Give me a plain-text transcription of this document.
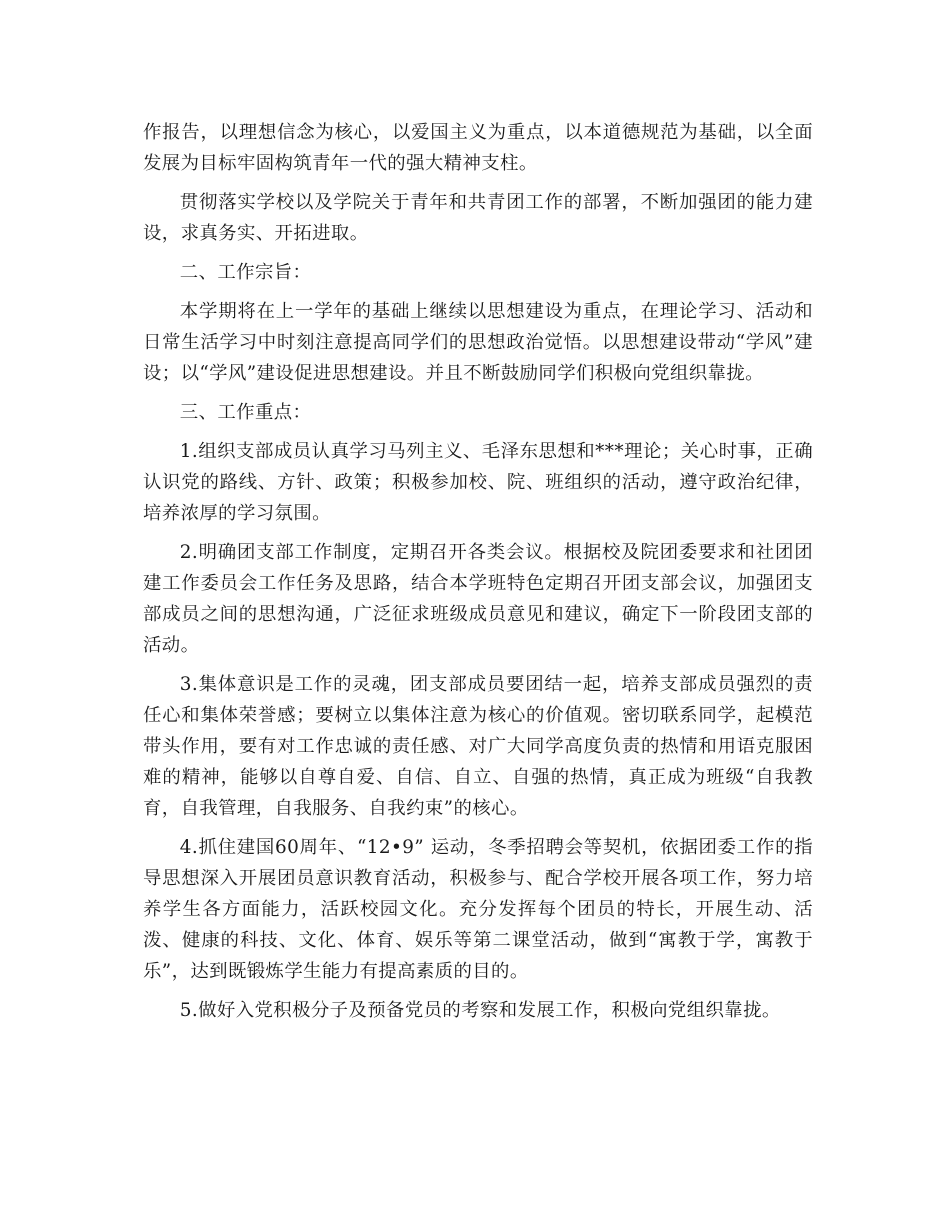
作报告，以理想信念为核心，以爱国主义为重点，以本道德规范为基础，以全面发展为目标牢固构筑青年一代的强大精神支柱。

贯彻落实学校以及学院关于青年和共青团工作的部署，不断加强团的能力建设，求真务实、开拓进取。

二、工作宗旨：

本学期将在上一学年的基础上继续以思想建设为重点，在理论学习、活动和日常生活学习中时刻注意提高同学们的思想政治觉悟。以思想建设带动“学风”建设；以“学风”建设促进思想建设。并且不断鼓励同学们积极向党组织靠拢。

三、工作重点：

1.组织支部成员认真学习马列主义、毛泽东思想和***理论；关心时事，正确认识党的路线、方针、政策；积极参加校、院、班组织的活动，遵守政治纪律，培养浓厚的学习氛围。

2.明确团支部工作制度，定期召开各类会议。根据校及院团委要求和社团团建工作委员会工作任务及思路，结合本学班特色定期召开团支部会议，加强团支部成员之间的思想沟通，广泛征求班级成员意见和建议，确定下一阶段团支部的活动。

3.集体意识是工作的灵魂，团支部成员要团结一起，培养支部成员强烈的责任心和集体荣誉感；要树立以集体注意为核心的价值观。密切联系同学，起模范带头作用，要有对工作忠诚的责任感、对广大同学高度负责的热情和用语克服困难的精神，能够以自尊自爱、自信、自立、自强的热情，真正成为班级“自我教育，自我管理，自我服务、自我约束”的核心。

4.抓住建国60周年、“12•9” 运动，冬季招聘会等契机，依据团委工作的指导思想深入开展团员意识教育活动，积极参与、配合学校开展各项工作，努力培养学生各方面能力，活跃校园文化。充分发挥每个团员的特长，开展生动、活泼、健康的科技、文化、体育、娱乐等第二课堂活动，做到“寓教于学，寓教于乐”，达到既锻炼学生能力有提高素质的目的。

5.做好入党积极分子及预备党员的考察和发展工作，积极向党组织靠拢。
